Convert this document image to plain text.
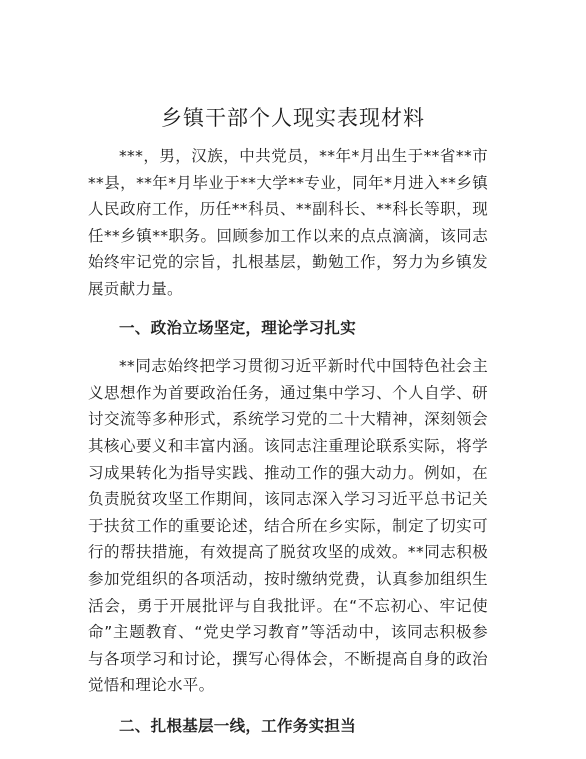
乡镇干部个人现实表现材料

***，男，汉族，中共党员，**年*月出生于**省**市**县，**年*月毕业于**大学**专业，同年*月进入**乡镇人民政府工作，历任**科员、**副科长、**科长等职，现任**乡镇**职务。回顾参加工作以来的点点滴滴，该同志始终牢记党的宗旨，扎根基层，勤勉工作，努力为乡镇发展贡献力量。

一、政治立场坚定，理论学习扎实

**同志始终把学习贯彻习近平新时代中国特色社会主义思想作为首要政治任务，通过集中学习、个人自学、研讨交流等多种形式，系统学习党的二十大精神，深刻领会其核心要义和丰富内涵。该同志注重理论联系实际，将学习成果转化为指导实践、推动工作的强大动力。例如，在负责脱贫攻坚工作期间，该同志深入学习习近平总书记关于扶贫工作的重要论述，结合所在乡实际，制定了切实可行的帮扶措施，有效提高了脱贫攻坚的成效。**同志积极参加党组织的各项活动，按时缴纳党费，认真参加组织生活会，勇于开展批评与自我批评。在“不忘初心、牢记使命”主题教育、“党史学习教育”等活动中，该同志积极参与各项学习和讨论，撰写心得体会，不断提高自身的政治觉悟和理论水平。

二、扎根基层一线，工作务实担当
